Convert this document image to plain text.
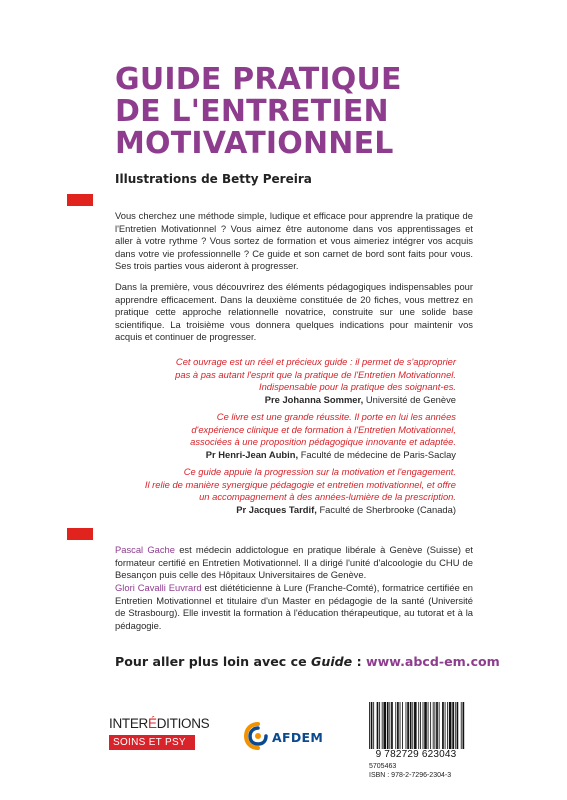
GUIDE PRATIQUE
DE L'ENTRETIEN
MOTIVATIONNEL
Illustrations de Betty Pereira

Vous cherchez une méthode simple, ludique et efficace pour apprendre la pratique de l'Entretien Motivationnel ? Vous aimez être autonome dans vos apprentissages et aller à votre rythme ? Vous sortez de formation et vous aimeriez intégrer vos acquis dans votre vie professionnelle ? Ce guide et son carnet de bord sont faits pour vous. Ses trois parties vous aideront à progresser.

Dans la première, vous découvrirez des éléments pédagogiques indispensables pour apprendre efficacement. Dans la deuxième constituée de 20 fiches, vous mettrez en pratique cette approche relationnelle novatrice, construite sur une solide base scientifique. La troisième vous donnera quelques indications pour maintenir vos acquis et continuer de progresser.

Cet ouvrage est un réel et précieux guide : il permet de s'approprier
pas à pas autant l'esprit que la pratique de l'Entretien Motivationnel.
Indispensable pour la pratique des soignant-es.
Pre Johanna Sommer, Université de Genève
Ce livre est une grande réussite. Il porte en lui les années
d'expérience clinique et de formation à l'Entretien Motivationnel,
associées à une proposition pédagogique innovante et adaptée.
Pr Henri-Jean Aubin, Faculté de médecine de Paris-Saclay
Ce guide appuie la progression sur la motivation et l'engagement.
Il relie de manière synergique pédagogie et entretien motivationnel, et offre
un accompagnement à des années-lumière de la prescription.
Pr Jacques Tardif, Faculté de Sherbrooke (Canada)

Pascal Gache est médecin addictologue en pratique libérale à Genève (Suisse) et formateur certifié en Entretien Motivationnel. Il a dirigé l'unité d'alcoologie du CHU de Besançon puis celle des Hôpitaux Universitaires de Genève.

Glori Cavalli Euvrard est diététicienne à Lure (Franche-Comté), formatrice certifiée en Entretien Motivationnel et titulaire d'un Master en pédagogie de la santé (Université de Strasbourg). Elle investit la formation à l'éducation thérapeutique, au tutorat et à la pédagogie.

Pour aller plus loin avec ce Guide : www.abcd-em.com
INTERÉDITIONS
SOINS ET PSY	AFDEM
9 782729 623043
5705463
ISBN : 978-2-7296-2304-3
